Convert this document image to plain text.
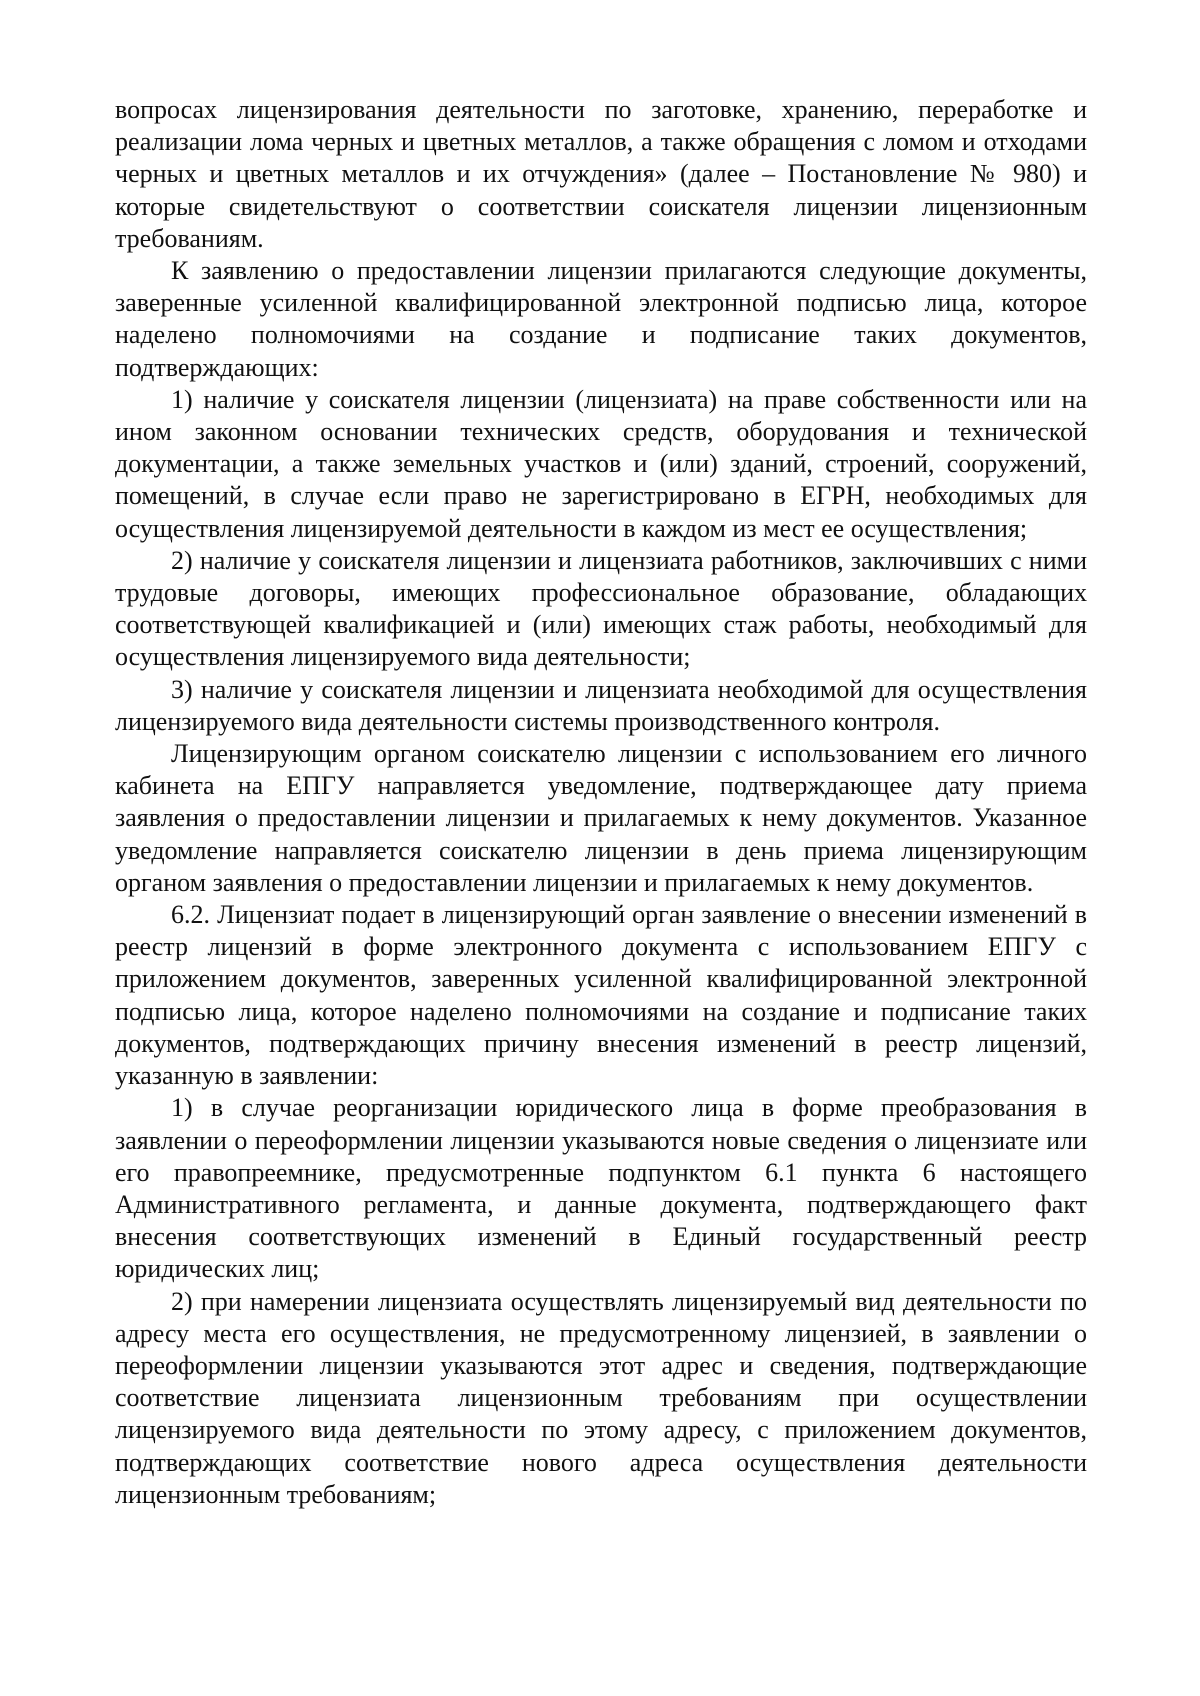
вопросах лицензирования деятельности по заготовке, хранению, переработке и реализации лома черных и цветных металлов, а также обращения с ломом и отходами черных и цветных металлов и их отчуждения» (далее – Постановление № 980) и которые свидетельствуют о соответствии соискателя лицензии лицензионным требованиям.

К заявлению о предоставлении лицензии прилагаются следующие документы, заверенные усиленной квалифицированной электронной подписью лица, которое наделено полномочиями на создание и подписание таких документов, подтверждающих:

1) наличие у соискателя лицензии (лицензиата) на праве собственности или на ином законном основании технических средств, оборудования и технической документации, а также земельных участков и (или) зданий, строений, сооружений, помещений, в случае если право не зарегистрировано в ЕГРН, необходимых для осуществления лицензируемой деятельности в каждом из мест ее осуществления;

2) наличие у соискателя лицензии и лицензиата работников, заключивших с ними трудовые договоры, имеющих профессиональное образование, обладающих соответствующей квалификацией и (или) имеющих стаж работы, необходимый для осуществления лицензируемого вида деятельности;

3) наличие у соискателя лицензии и лицензиата необходимой для осуществления лицензируемого вида деятельности системы производственного контроля.

Лицензирующим органом соискателю лицензии с использованием его личного кабинета на ЕПГУ направляется уведомление, подтверждающее дату приема заявления о предоставлении лицензии и прилагаемых к нему документов. Указанное уведомление направляется соискателю лицензии в день приема лицензирующим органом заявления о предоставлении лицензии и прилагаемых к нему документов.

6.2. Лицензиат подает в лицензирующий орган заявление о внесении изменений в реестр лицензий в форме электронного документа с использованием ЕПГУ с приложением документов, заверенных усиленной квалифицированной электронной подписью лица, которое наделено полномочиями на создание и подписание таких документов, подтверждающих причину внесения изменений в реестр лицензий, указанную в заявлении:

1) в случае реорганизации юридического лица в форме преобразования в заявлении о переоформлении лицензии указываются новые сведения о лицензиате или его правопреемнике, предусмотренные подпунктом 6.1 пункта 6 настоящего Административного регламента, и данные документа, подтверждающего факт внесения соответствующих изменений в Единый государственный реестр юридических лиц;

2) при намерении лицензиата осуществлять лицензируемый вид деятельности по адресу места его осуществления, не предусмотренному лицензией, в заявлении о переоформлении лицензии указываются этот адрес и сведения, подтверждающие соответствие лицензиата лицензионным требованиям при осуществлении лицензируемого вида деятельности по этому адресу, с приложением документов, подтверждающих соответствие нового адреса осуществления деятельности лицензионным требованиям;
